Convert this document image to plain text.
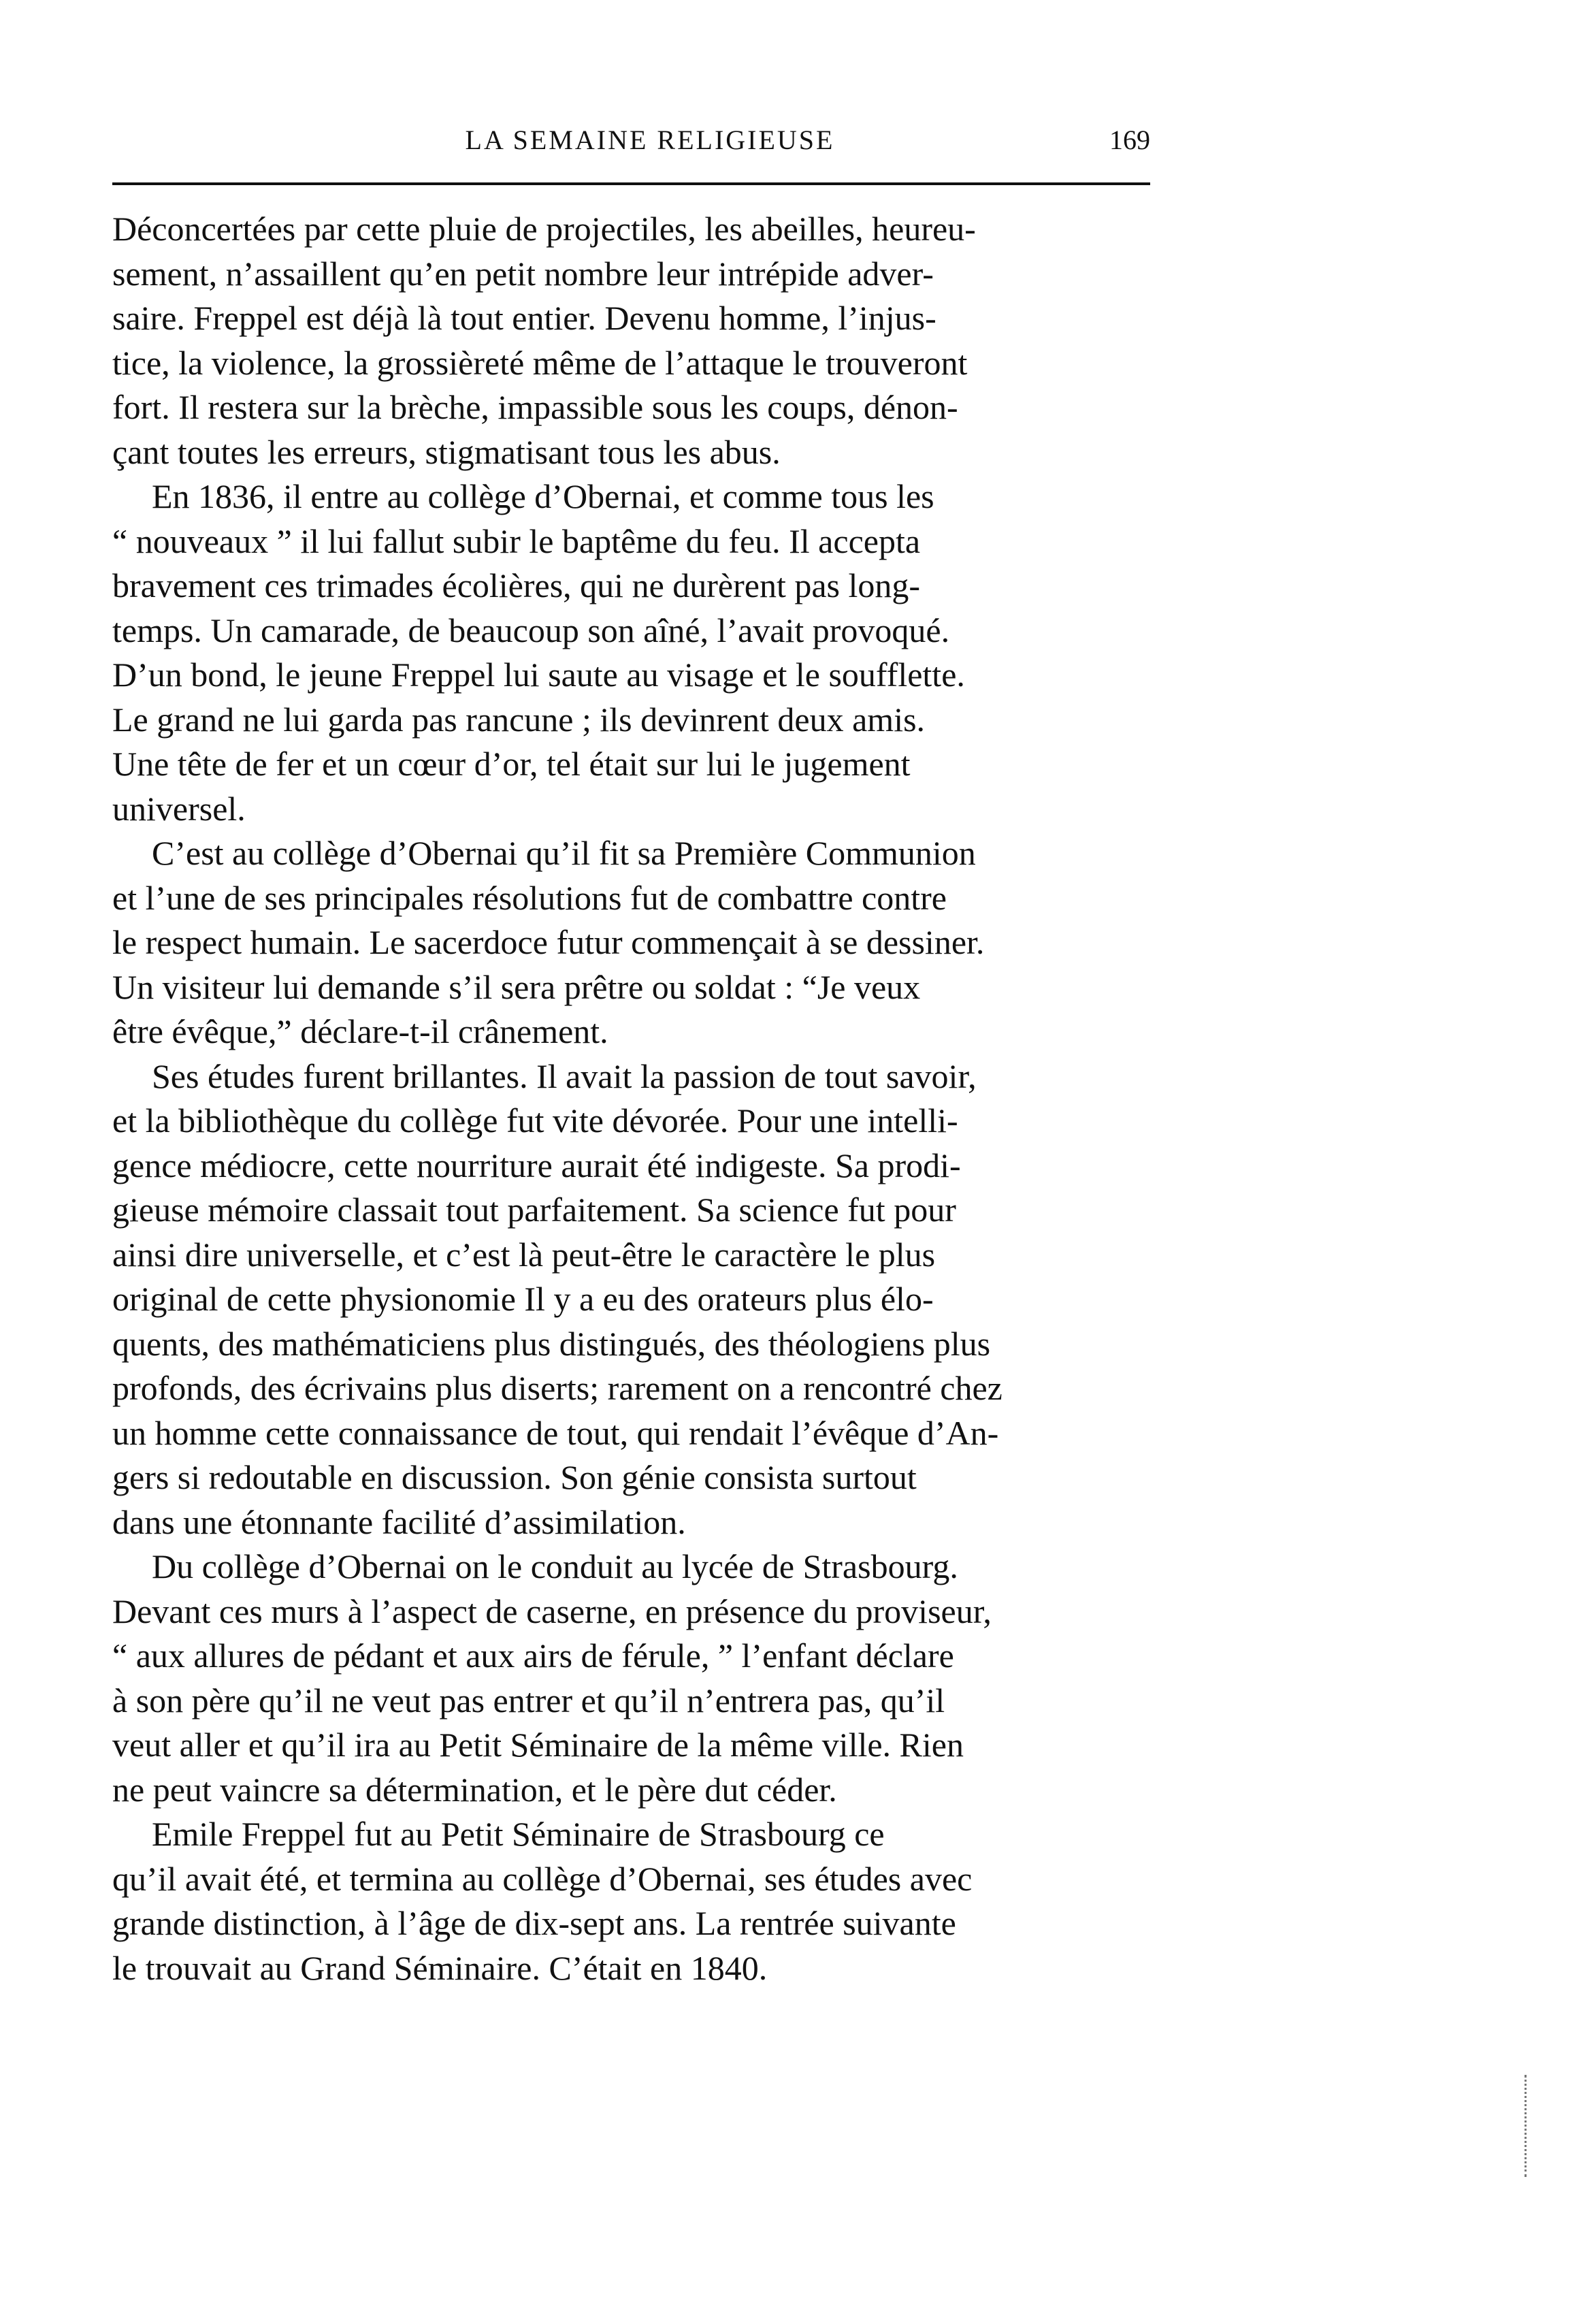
LA SEMAINE RELIGIEUSE	169

Déconcertées par cette pluie de projectiles, les abeilles, heureu-
sement, n’assaillent qu’en petit nombre leur intrépide adver-
saire. Freppel est déjà là tout entier. Devenu homme, l’injus-
tice, la violence, la grossièreté même de l’attaque le trouveront
fort. Il restera sur la brèche, impassible sous les coups, dénon-
çant toutes les erreurs, stigmatisant tous les abus.

En 1836, il entre au collège d’Obernai, et comme tous les
“ nouveaux ” il lui fallut subir le baptême du feu. Il accepta
bravement ces trimades écolières, qui ne durèrent pas long-
temps. Un camarade, de beaucoup son aîné, l’avait provoqué.
D’un bond, le jeune Freppel lui saute au visage et le soufflette.
Le grand ne lui garda pas rancune ; ils devinrent deux amis.
Une tête de fer et un cœur d’or, tel était sur lui le jugement
universel.

C’est au collège d’Obernai qu’il fit sa Première Communion
et l’une de ses principales résolutions fut de combattre contre
le respect humain. Le sacerdoce futur commençait à se dessiner.
Un visiteur lui demande s’il sera prêtre ou soldat : “Je veux
être évêque,” déclare-t-il crânement.

Ses études furent brillantes. Il avait la passion de tout savoir,
et la bibliothèque du collège fut vite dévorée. Pour une intelli-
gence médiocre, cette nourriture aurait été indigeste. Sa prodi-
gieuse mémoire classait tout parfaitement. Sa science fut pour
ainsi dire universelle, et c’est là peut-être le caractère le plus
original de cette physionomie Il y a eu des orateurs plus élo-
quents, des mathématiciens plus distingués, des théologiens plus
profonds, des écrivains plus diserts; rarement on a rencontré chez
un homme cette connaissance de tout, qui rendait l’évêque d’An-
gers si redoutable en discussion. Son génie consista surtout
dans une étonnante facilité d’assimilation.

Du collège d’Obernai on le conduit au lycée de Strasbourg.
Devant ces murs à l’aspect de caserne, en présence du proviseur,
“ aux allures de pédant et aux airs de férule, ” l’enfant déclare
à son père qu’il ne veut pas entrer et qu’il n’entrera pas, qu’il
veut aller et qu’il ira au Petit Séminaire de la même ville. Rien
ne peut vaincre sa détermination, et le père dut céder.

Emile Freppel fut au Petit Séminaire de Strasbourg ce
qu’il avait été, et termina au collège d’Obernai, ses études avec
grande distinction, à l’âge de dix-sept ans. La rentrée suivante
le trouvait au Grand Séminaire. C’était en 1840.
